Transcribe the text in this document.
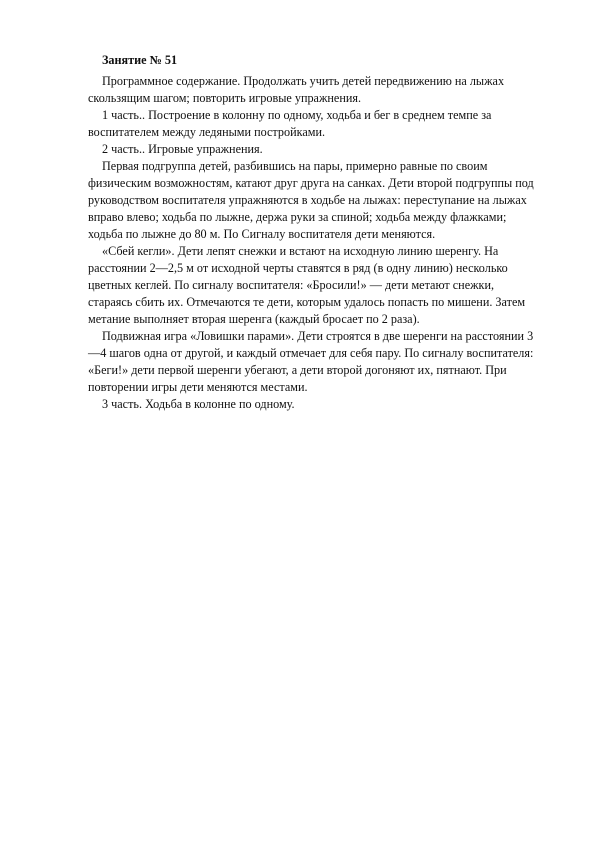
Занятие № 51

Программное содержание. Продолжать учить детей передвижению на лыжах скользящим шагом; повторить игровые упражнения.

1 часть.. Построение в колонну по одному, ходьба и бег в среднем темпе за воспитателем между ледяными постройками.

2 часть.. Игровые упражнения.

Первая подгруппа детей, разбившись на пары, примерно равные по своим физическим возможностям, катают друг друга на санках. Дети второй подгруппы под руководством воспитателя упражняются в ходьбе на лыжах: переступание на лыжах вправо влево; ходьба по лыжне, держа руки за спиной; ходьба между флажками; ходьба по лыжне до 80 м. По Сигналу воспитателя дети меняются.

«Сбей кегли». Дети лепят снежки и встают на исходную линию шеренгу. На расстоянии 2—2,5 м от исходной черты ставятся в ряд (в одну линию) несколько цветных кеглей. По сигналу воспитателя: «Бросили!» — дети метают снежки, стараясь сбить их. Отмечаются те дети, которым удалось попасть по мишени. Затем метание выполняет вторая шеренга (каждый бросает по 2 раза).

Подвижная игра «Ловишки парами». Дети строятся в две шеренги на расстоянии 3—4 шагов одна от другой, и каждый отмечает для себя пару. По сигналу воспитателя: «Беги!» дети первой шеренги убегают, а дети второй догоняют их, пятнают. При повторении игры дети меняются местами.

3 часть. Ходьба в колонне по одному.
